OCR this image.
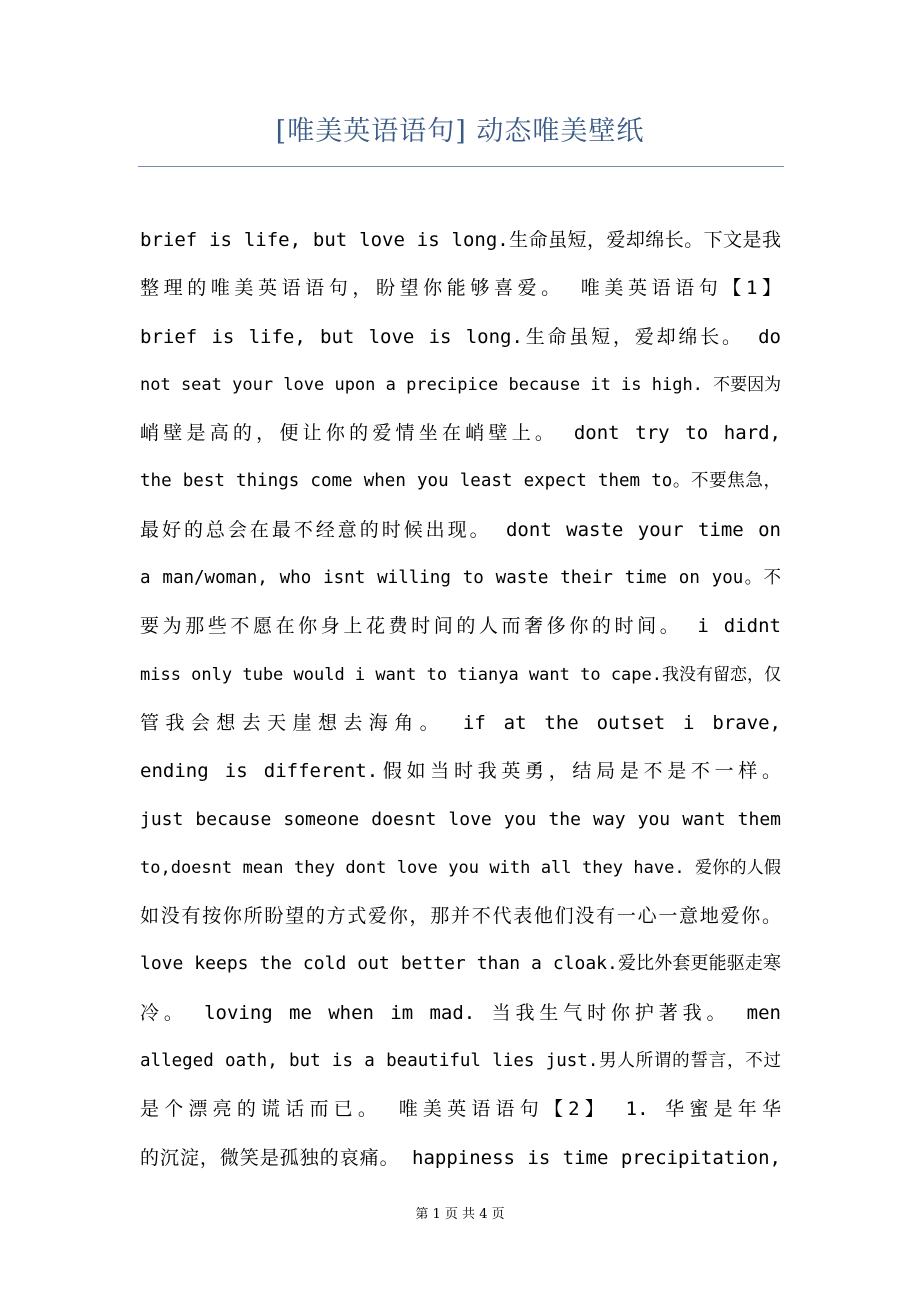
[唯美英语语句] 动态唯美壁纸
brief is life, but love is long.生命虽短，爱却绵长。下文是我
整理的唯美英语语句，盼望你能够喜爱。 唯美英语语句【1】
brief is life, but love is long.生命虽短，爱却绵长。 do
not seat your love upon a precipice because it is high. 不要因为
峭壁是高的，便让你的爱情坐在峭壁上。 dont try to hard,
the best things come when you least expect them to。不要焦急，
最好的总会在最不经意的时候出现。 dont waste your time on
a man/woman, who isnt willing to waste their time on you。不
要为那些不愿在你身上花费时间的人而奢侈你的时间。 i didnt
miss only tube would i want to tianya want to cape.我没有留恋，仅
管我会想去天崖想去海角。 if at the outset i brave,
ending is different.假如当时我英勇，结局是不是不一样。
just because someone doesnt love you the way you want them
to,doesnt mean they dont love you with all they have. 爱你的人假
如没有按你所盼望的方式爱你，那并不代表他们没有一心一意地爱你。
love keeps the cold out better than a cloak.爱比外套更能驱走寒
冷。 loving me when im mad. 当我生气时你护著我。 men
alleged oath, but is a beautiful lies just.男人所谓的誓言，不过
是个漂亮的谎话而已。 唯美英语语句【2】 1. 华蜜是年华
的沉淀，微笑是孤独的哀痛。 happiness is time precipitation,
第 1 页 共 4 页
